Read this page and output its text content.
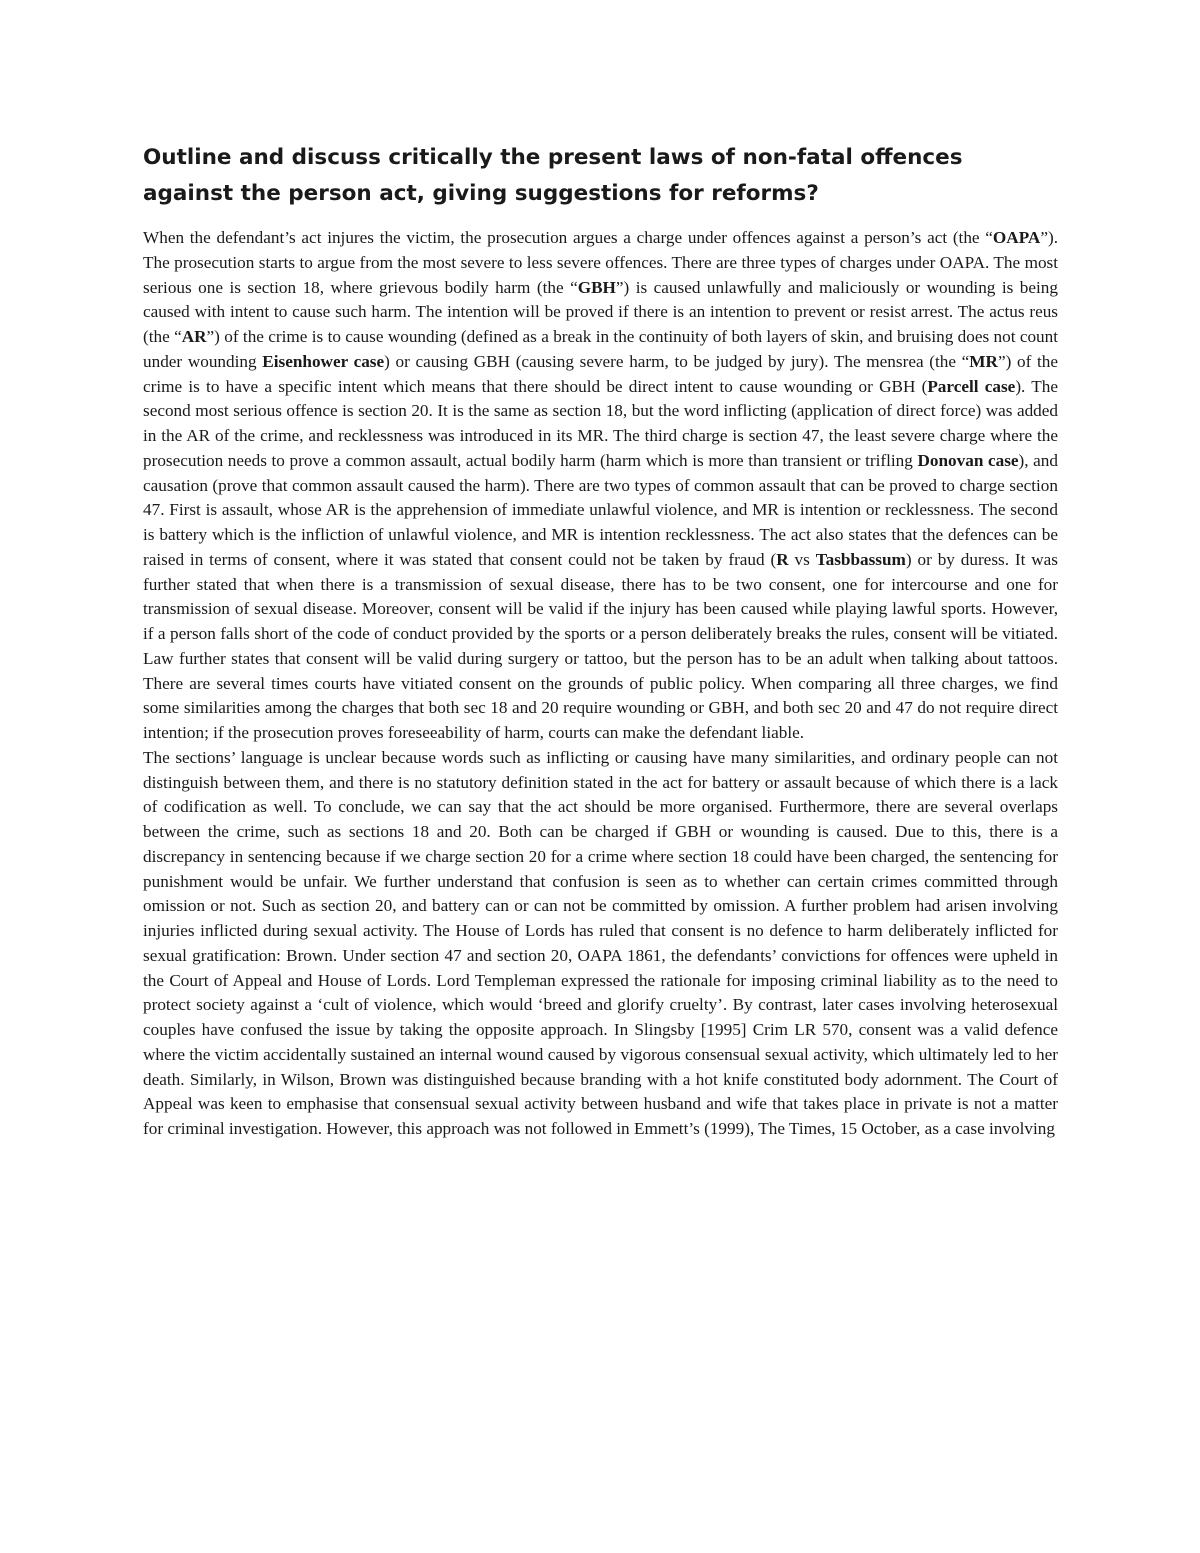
Outline and discuss critically the present laws of non-fatal offences against the person act, giving suggestions for reforms?

When the defendant’s act injures the victim, the prosecution argues a charge under offences against a person’s act (the “OAPA”). The prosecution starts to argue from the most severe to less severe offences. There are three types of charges under OAPA. The most serious one is section 18, where grievous bodily harm (the “GBH”) is caused unlawfully and maliciously or wounding is being caused with intent to cause such harm. The intention will be proved if there is an intention to prevent or resist arrest. The actus reus (the “AR”) of the crime is to cause wounding (defined as a break in the continuity of both layers of skin, and bruising does not count under wounding Eisenhower case) or causing GBH (causing severe harm, to be judged by jury). The mensrea (the “MR”) of the crime is to have a specific intent which means that there should be direct intent to cause wounding or GBH (Parcell case). The second most serious offence is section 20. It is the same as section 18, but the word inflicting (application of direct force) was added in the AR of the crime, and recklessness was introduced in its MR. The third charge is section 47, the least severe charge where the prosecution needs to prove a common assault, actual bodily harm (harm which is more than transient or trifling Donovan case), and causation (prove that common assault caused the harm). There are two types of common assault that can be proved to charge section 47. First is assault, whose AR is the apprehension of immediate unlawful violence, and MR is intention or recklessness. The second is battery which is the infliction of unlawful violence, and MR is intention recklessness. The act also states that the defences can be raised in terms of consent, where it was stated that consent could not be taken by fraud (R vs Tasbbassum) or by duress. It was further stated that when there is a transmission of sexual disease, there has to be two consent, one for intercourse and one for transmission of sexual disease. Moreover, consent will be valid if the injury has been caused while playing lawful sports. However, if a person falls short of the code of conduct provided by the sports or a person deliberately breaks the rules, consent will be vitiated. Law further states that consent will be valid during surgery or tattoo, but the person has to be an adult when talking about tattoos. There are several times courts have vitiated consent on the grounds of public policy. When comparing all three charges, we find some similarities among the charges that both sec 18 and 20 require wounding or GBH, and both sec 20 and 47 do not require direct intention; if the prosecution proves foreseeability of harm, courts can make the defendant liable.

The sections’ language is unclear because words such as inflicting or causing have many similarities, and ordinary people can not distinguish between them, and there is no statutory definition stated in the act for battery or assault because of which there is a lack of codification as well. To conclude, we can say that the act should be more organised. Furthermore, there are several overlaps between the crime, such as sections 18 and 20. Both can be charged if GBH or wounding is caused. Due to this, there is a discrepancy in sentencing because if we charge section 20 for a crime where section 18 could have been charged, the sentencing for punishment would be unfair. We further understand that confusion is seen as to whether can certain crimes committed through omission or not. Such as section 20, and battery can or can not be committed by omission. A further problem had arisen involving injuries inflicted during sexual activity. The House of Lords has ruled that consent is no defence to harm deliberately inflicted for sexual gratification: Brown. Under section 47 and section 20, OAPA 1861, the defendants’ convictions for offences were upheld in the Court of Appeal and House of Lords. Lord Templeman expressed the rationale for imposing criminal liability as to the need to protect society against a ‘cult of violence, which would ‘breed and glorify cruelty’. By contrast, later cases involving heterosexual couples have confused the issue by taking the opposite approach. In Slingsby [1995] Crim LR 570, consent was a valid defence where the victim accidentally sustained an internal wound caused by vigorous consensual sexual activity, which ultimately led to her death. Similarly, in Wilson, Brown was distinguished because branding with a hot knife constituted body adornment. The Court of Appeal was keen to emphasise that consensual sexual activity between husband and wife that takes place in private is not a matter for criminal investigation. However, this approach was not followed in Emmett’s (1999), The Times, 15 October, as a case involving
